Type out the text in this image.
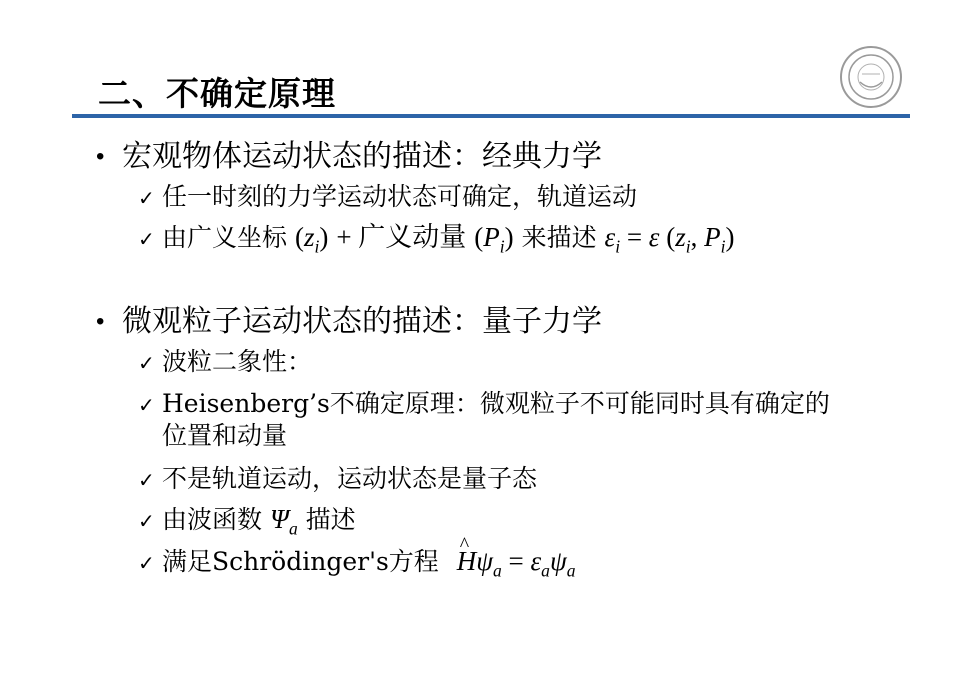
二、不确定原理
• 宏观物体运动状态的描述：经典力学
✓ 任一时刻的力学运动状态可确定，轨道运动
✓ 由广义坐标 $(z_i)$ + 广义动量 $(P_i)$ 来描述 $\varepsilon_i = \varepsilon$ ($z_i$, $P_i$)
• 微观粒子运动状态的描述：量子力学
✓ 波粒二象性：
✓ Heisenberg’s不确定原理：微观粒子不可能同时具有确定的
位置和动量
✓ 不是轨道运动，运动状态是量子态
✓ 由波函数 $\Psi_a$ 描述
✓ 满足Schrödinger's方程 ^ $H\psi_a = \varepsilon_a\psi_a$
